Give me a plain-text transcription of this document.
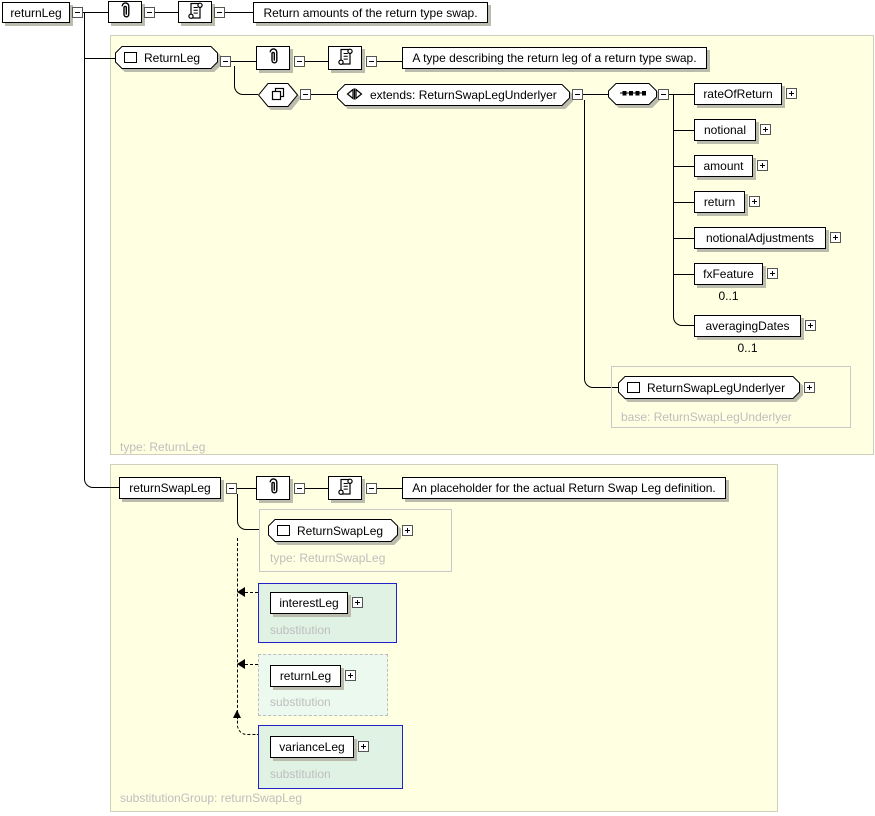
returnLeg	Return amounts of the return type swap.
ReturnLeg	A type describing the return leg of a return type swap.
extends: ReturnSwapLegUnderlyer	rateOfReturn
notional
amount
return
notionalAdjustments
fxFeature
0..1
averagingDates
0..1
ReturnSwapLegUnderlyer
base: ReturnSwapLegUnderlyer
type: ReturnLeg
returnSwapLeg	An placeholder for the actual Return Swap Leg definition.
ReturnSwapLeg
type: ReturnSwapLeg
interestLeg
substitution
returnLeg
substitution
varianceLeg
substitution
substitutionGroup: returnSwapLeg
